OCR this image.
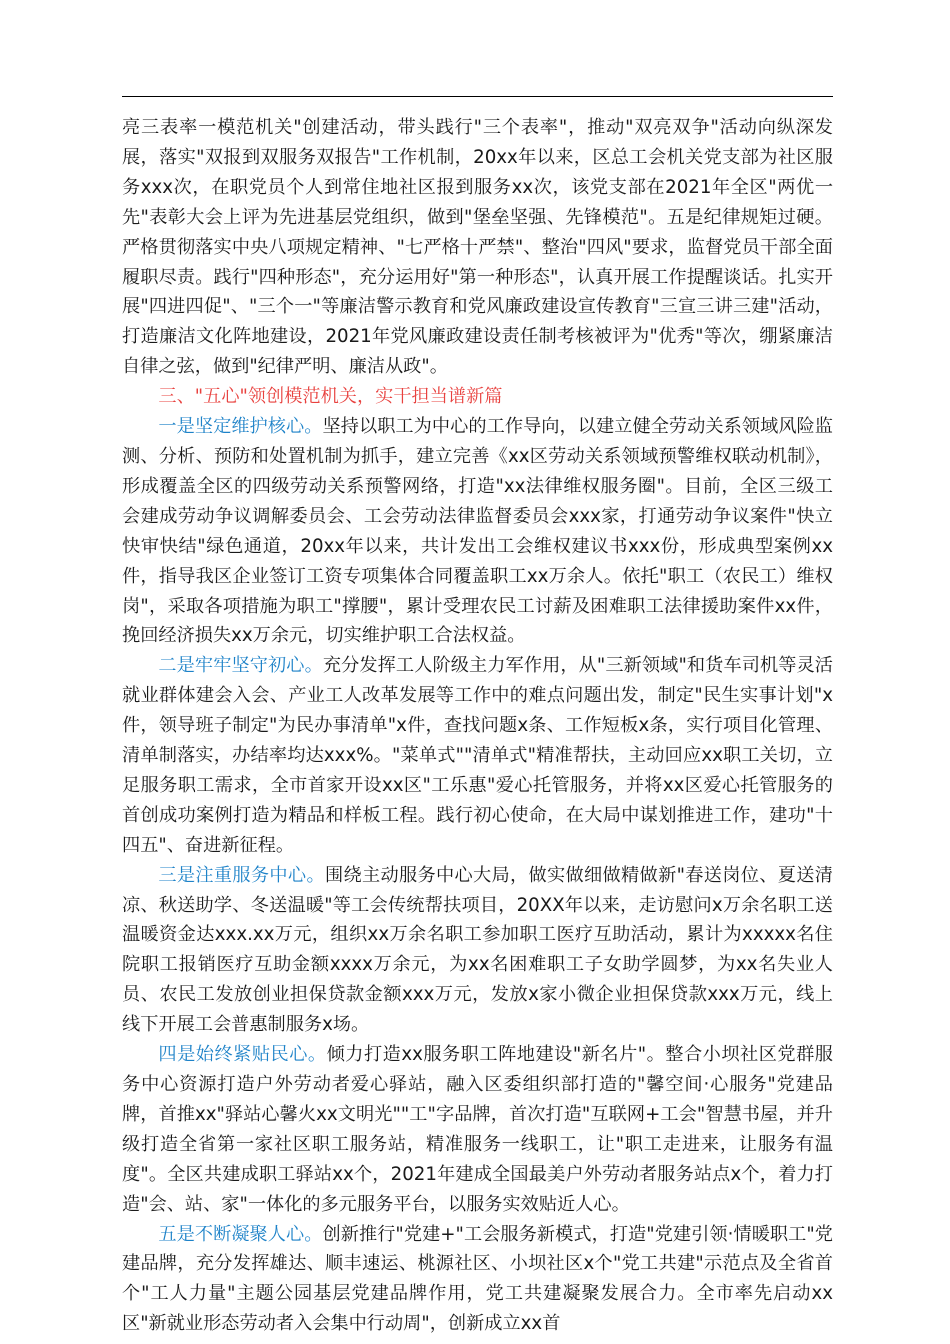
亮三表率一模范机关"创建活动，带头践行"三个表率"，推动"双亮双争"活动向纵深发展，落实"双报到双服务双报告"工作机制，20xx年以来，区总工会机关党支部为社区服务xxx次，在职党员个人到常住地社区报到服务xx次，该党支部在2021年全区"两优一先"表彰大会上评为先进基层党组织，做到"堡垒坚强、先锋模范"。五是纪律规矩过硬。严格贯彻落实中央八项规定精神、"七严格十严禁"、整治"四风"要求，监督党员干部全面履职尽责。践行"四种形态"，充分运用好"第一种形态"，认真开展工作提醒谈话。扎实开展"四进四促"、"三个一"等廉洁警示教育和党风廉政建设宣传教育"三宣三讲三建"活动，打造廉洁文化阵地建设，2021年党风廉政建设责任制考核被评为"优秀"等次，绷紧廉洁自律之弦，做到"纪律严明、廉洁从政"。

三、"五心"领创模范机关，实干担当谱新篇

一是坚定维护核心。坚持以职工为中心的工作导向，以建立健全劳动关系领域风险监测、分析、预防和处置机制为抓手，建立完善《xx区劳动关系领域预警维权联动机制》，形成覆盖全区的四级劳动关系预警网络，打造"xx法律维权服务圈"。目前，全区三级工会建成劳动争议调解委员会、工会劳动法律监督委员会xxx家，打通劳动争议案件"快立快审快结"绿色通道，20xx年以来，共计发出工会维权建议书xxx份，形成典型案例xx件，指导我区企业签订工资专项集体合同覆盖职工xx万余人。依托"职工（农民工）维权岗"，采取各项措施为职工"撑腰"，累计受理农民工讨薪及困难职工法律援助案件xx件，挽回经济损失xx万余元，切实维护职工合法权益。

二是牢牢坚守初心。充分发挥工人阶级主力军作用，从"三新领域"和货车司机等灵活就业群体建会入会、产业工人改革发展等工作中的难点问题出发，制定"民生实事计划"x件，领导班子制定"为民办事清单"x件，查找问题x条、工作短板x条，实行项目化管理、清单制落实，办结率均达xxx%。"菜单式""清单式"精准帮扶，主动回应xx职工关切，立足服务职工需求，全市首家开设xx区"工乐惠"爱心托管服务，并将xx区爱心托管服务的首创成功案例打造为精品和样板工程。践行初心使命，在大局中谋划推进工作，建功"十四五"、奋进新征程。

三是注重服务中心。围绕主动服务中心大局，做实做细做精做新"春送岗位、夏送清凉、秋送助学、冬送温暖"等工会传统帮扶项目，20XX年以来，走访慰问x万余名职工送温暖资金达xxx.xx万元，组织xx万余名职工参加职工医疗互助活动，累计为xxxxx名住院职工报销医疗互助金额xxxx万余元，为xx名困难职工子女助学圆梦，为xx名失业人员、农民工发放创业担保贷款金额xxx万元，发放x家小微企业担保贷款xxx万元，线上线下开展工会普惠制服务x场。

四是始终紧贴民心。倾力打造xx服务职工阵地建设"新名片"。整合小坝社区党群服务中心资源打造户外劳动者爱心驿站，融入区委组织部打造的"馨空间·心服务"党建品牌，首推xx"驿站心馨火xx文明光""工"字品牌，首次打造"互联网+工会"智慧书屋，并升级打造全省第一家社区职工服务站，精准服务一线职工，让"职工走进来，让服务有温度"。全区共建成职工驿站xx个，2021年建成全国最美户外劳动者服务站点x个，着力打造"会、站、家"一体化的多元服务平台，以服务实效贴近人心。

五是不断凝聚人心。创新推行"党建+"工会服务新模式，打造"党建引领·情暖职工"党建品牌，充分发挥雄达、顺丰速运、桃源社区、小坝社区x个"党工共建"示范点及全省首个"工人力量"主题公园基层党建品牌作用，党工共建凝聚发展合力。全市率先启动xx区"新就业形态劳动者入会集中行动周"，创新成立xx首
